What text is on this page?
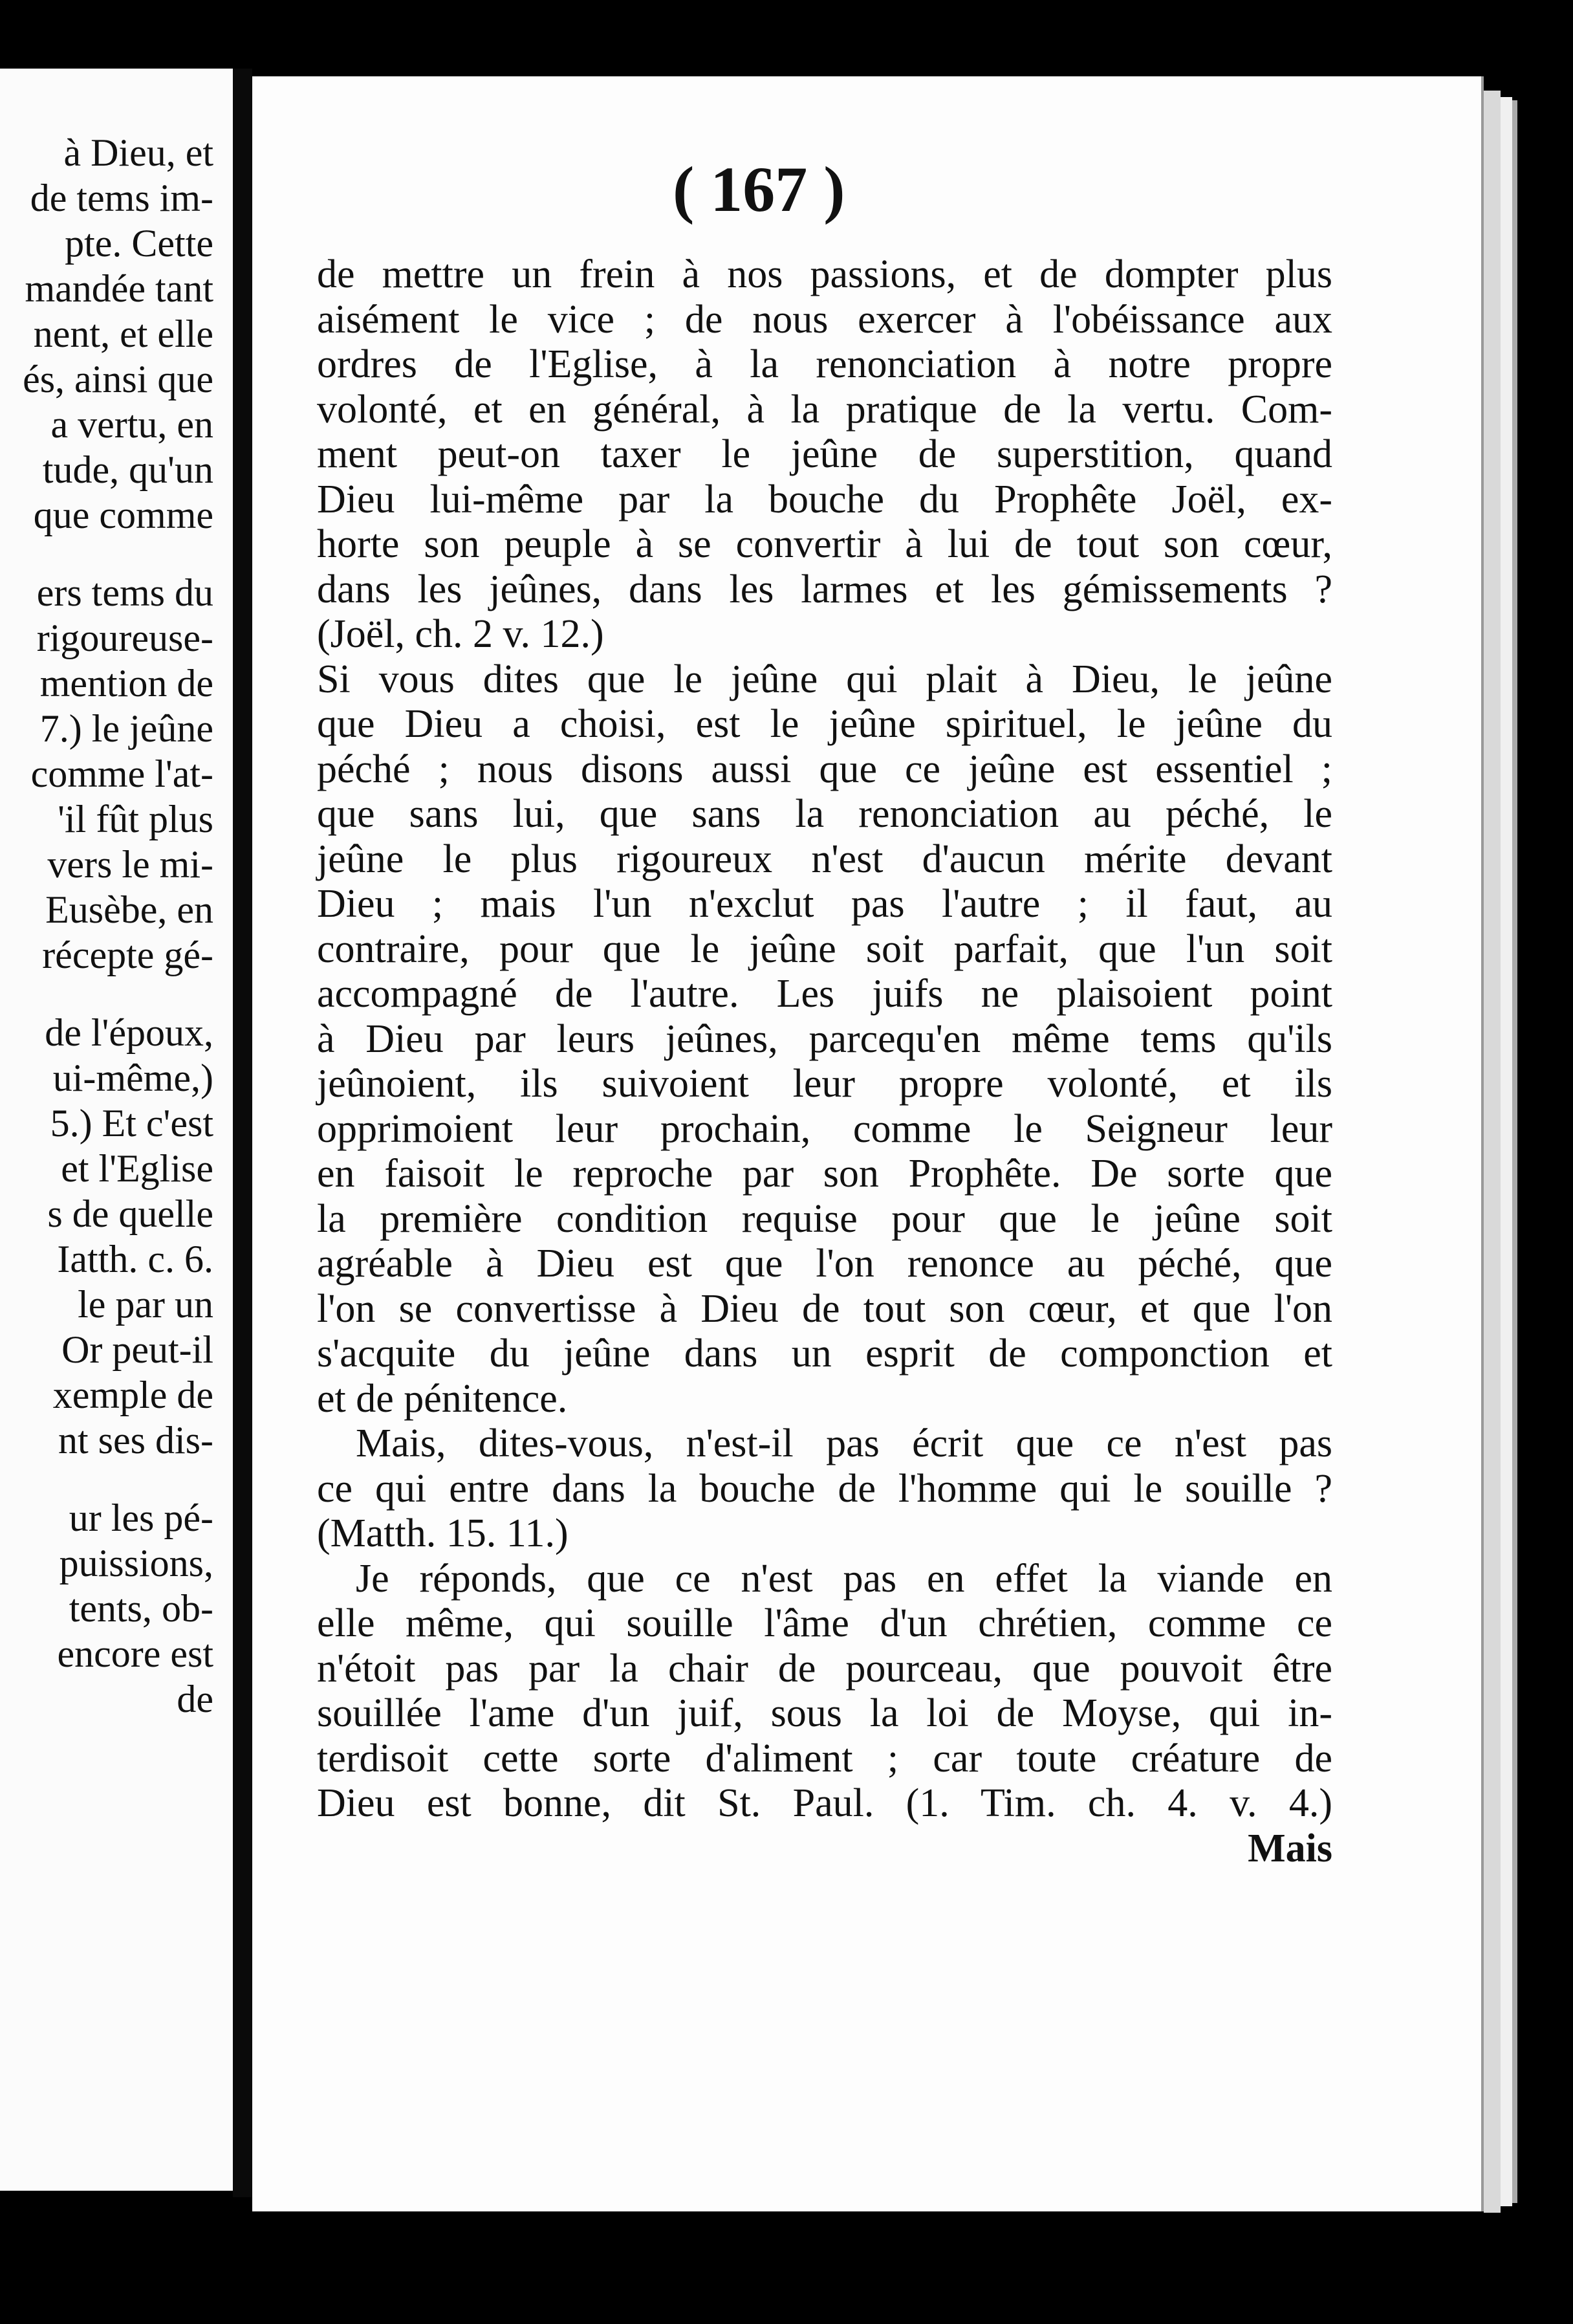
à Dieu, et
de tems im-
pte. Cette
mandée tant
nent, et elle
és, ainsi que
a vertu, en
tude, qu'un
que comme
ers tems du
rigoureuse-
mention de
7.) le jeûne
comme l'at-
'il fût plus
vers le mi-
Eusèbe, en
récepte gé-
de l'époux,
ui-même,)
5.) Et c'est
et l'Eglise
s de quelle
Iatth. c. 6.
le par un
Or peut-il
xemple de
nt ses dis-
ur les pé-
puissions,
tents, ob-
encore est
de
( 167 )
de mettre un frein à nos passions, et de dompter plus
aisément le vice ; de nous exercer à l'obéissance aux
ordres de l'Eglise, à la renonciation à notre propre
volonté, et en général, à la pratique de la vertu. Com-
ment peut-on taxer le jeûne de superstition, quand
Dieu lui-même par la bouche du Prophête Joël, ex-
horte son peuple à se convertir à lui de tout son cœur,
dans les jeûnes, dans les larmes et les gémissements ?
(Joël, ch. 2 v. 12.)
Si vous dites que le jeûne qui plait à Dieu, le jeûne
que Dieu a choisi, est le jeûne spirituel, le jeûne du
péché ; nous disons aussi que ce jeûne est essentiel ;
que sans lui, que sans la renonciation au péché, le
jeûne le plus rigoureux n'est d'aucun mérite devant
Dieu ; mais l'un n'exclut pas l'autre ; il faut, au
contraire, pour que le jeûne soit parfait, que l'un soit
accompagné de l'autre. Les juifs ne plaisoient point
à Dieu par leurs jeûnes, parcequ'en même tems qu'ils
jeûnoient, ils suivoient leur propre volonté, et ils
opprimoient leur prochain, comme le Seigneur leur
en faisoit le reproche par son Prophête. De sorte que
la première condition requise pour que le jeûne soit
agréable à Dieu est que l'on renonce au péché, que
l'on se convertisse à Dieu de tout son cœur, et que l'on
s'acquite du jeûne dans un esprit de componction et
et de pénitence.
Mais, dites-vous, n'est-il pas écrit que ce n'est pas
ce qui entre dans la bouche de l'homme qui le souille ?
(Matth. 15. 11.)
Je réponds, que ce n'est pas en effet la viande en
elle même, qui souille l'âme d'un chrétien, comme ce
n'étoit pas par la chair de pourceau, que pouvoit être
souillée l'ame d'un juif, sous la loi de Moyse, qui in-
terdisoit cette sorte d'aliment ; car toute créature de
Dieu est bonne, dit St. Paul. (1. Tim. ch. 4. v. 4.)
Mais
